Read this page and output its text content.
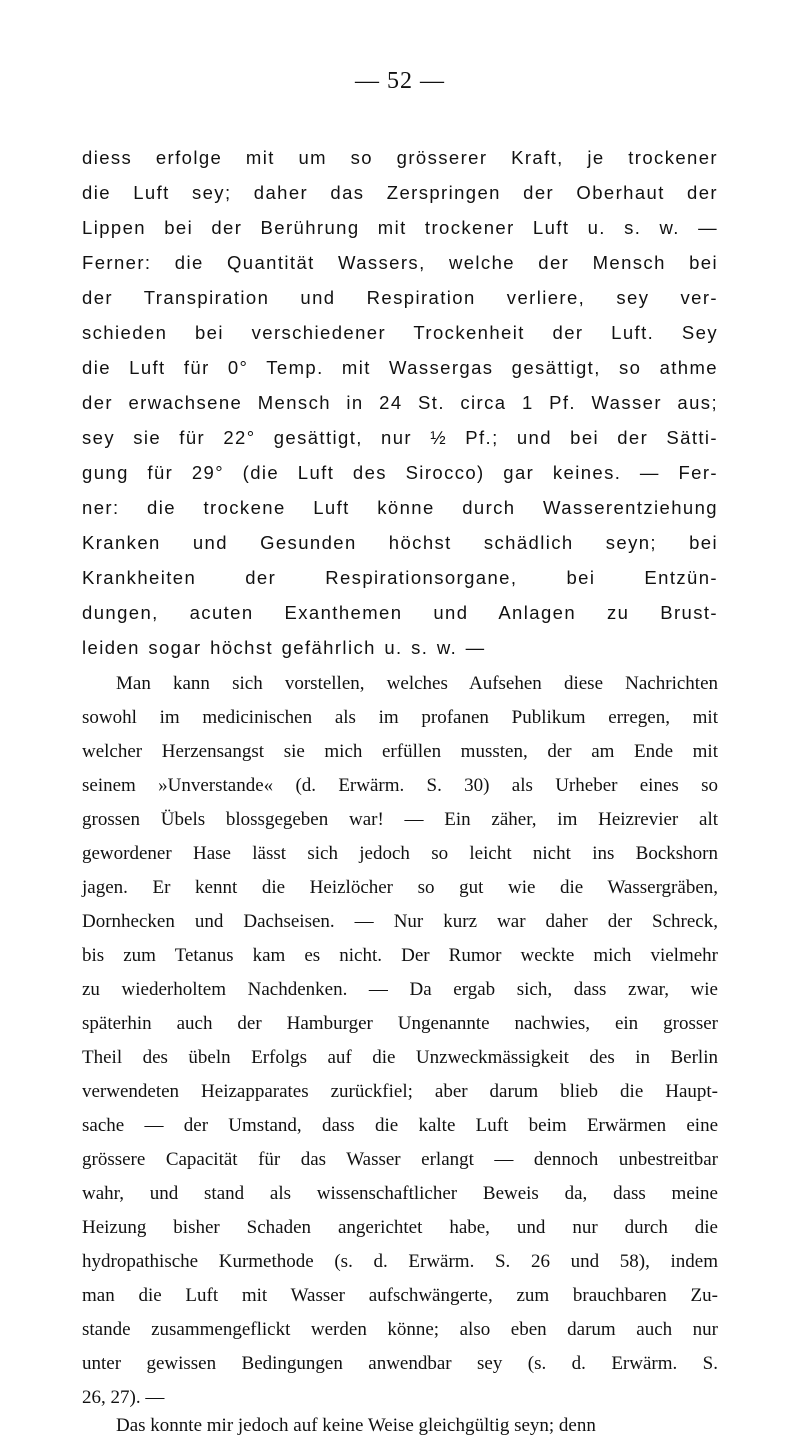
— 52 —
diess erfolge mit um so grösserer Kraft, je trockener
die Luft sey; daher das Zerspringen der Oberhaut der
Lippen bei der Berührung mit trockener Luft u. s. w. —
Ferner: die Quantität Wassers, welche der Mensch bei
der Transpiration und Respiration verliere, sey ver-
schieden bei verschiedener Trockenheit der Luft. Sey
die Luft für 0° Temp. mit Wassergas gesättigt, so athme
der erwachsene Mensch in 24 St. circa 1 Pf. Wasser aus;
sey sie für 22° gesättigt, nur ½ Pf.; und bei der Sätti-
gung für 29° (die Luft des Sirocco) gar keines. — Fer-
ner: die trockene Luft könne durch Wasserentziehung
Kranken und Gesunden höchst schädlich seyn; bei
Krankheiten der Respirationsorgane, bei Entzün-
dungen, acuten Exanthemen und Anlagen zu Brust-
leiden sogar höchst gefährlich u. s. w. —
Man kann sich vorstellen, welches Aufsehen diese Nachrichten
sowohl im medicinischen als im profanen Publikum erregen, mit
welcher Herzensangst sie mich erfüllen mussten, der am Ende mit
seinem »Unverstande« (d. Erwärm. S. 30) als Urheber eines so
grossen Übels blossgegeben war! — Ein zäher, im Heizrevier alt
gewordener Hase lässt sich jedoch so leicht nicht ins Bockshorn
jagen. Er kennt die Heizlöcher so gut wie die Wassergräben,
Dornhecken und Dachseisen. — Nur kurz war daher der Schreck,
bis zum Tetanus kam es nicht. Der Rumor weckte mich vielmehr
zu wiederholtem Nachdenken. — Da ergab sich, dass zwar, wie
späterhin auch der Hamburger Ungenannte nachwies, ein grosser
Theil des übeln Erfolgs auf die Unzweckmässigkeit des in Berlin
verwendeten Heizapparates zurückfiel; aber darum blieb die Haupt-
sache — der Umstand, dass die kalte Luft beim Erwärmen eine
grössere Capacität für das Wasser erlangt — dennoch unbestreitbar
wahr, und stand als wissenschaftlicher Beweis da, dass meine
Heizung bisher Schaden angerichtet habe, und nur durch die
hydropathische Kurmethode (s. d. Erwärm. S. 26 und 58), indem
man die Luft mit Wasser aufschwängerte, zum brauchbaren Zu-
stande zusammengeflickt werden könne; also eben darum auch nur
unter gewissen Bedingungen anwendbar sey (s. d. Erwärm. S.
26, 27). —
Das konnte mir jedoch auf keine Weise gleichgültig seyn; denn
